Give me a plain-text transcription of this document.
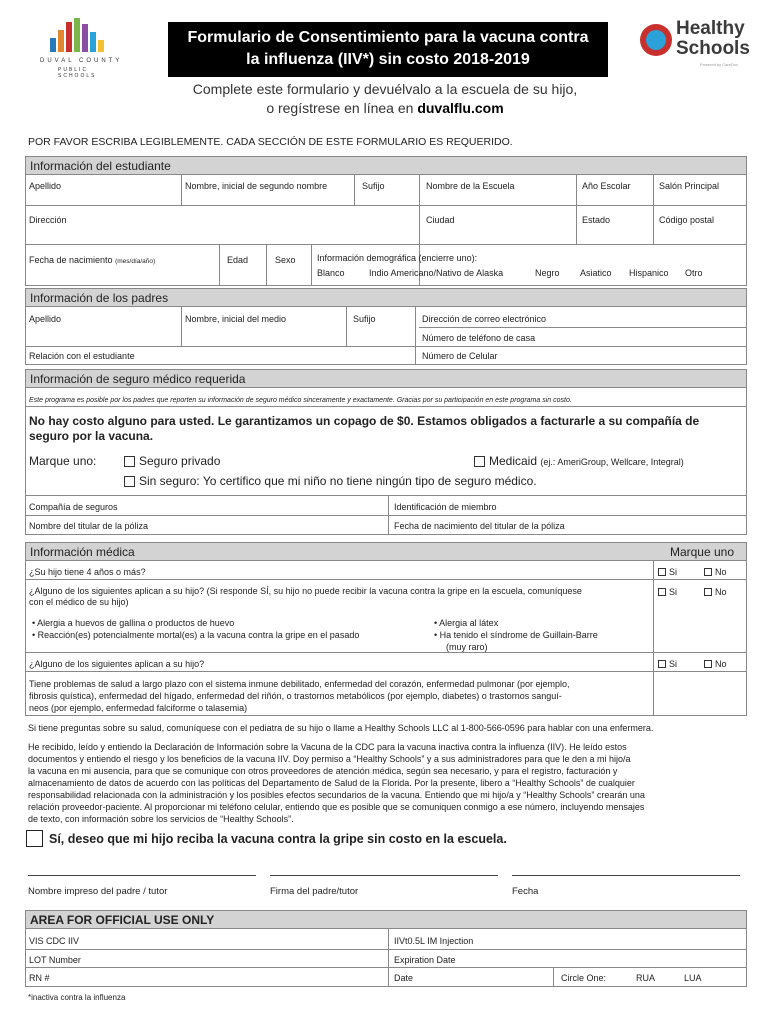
DUVAL COUNTY
PUBLIC SCHOOLS
Formulario de Consentimiento para la vacuna contra
la influenza (IIV*) sin costo 2018-2019
Healthy
Schools
Powered by CareDox
Complete este formulario y devuélvalo a la escuela de su hijo,
o regístrese en línea en duvalflu.com
POR FAVOR ESCRIBA LEGIBLEMENTE. CADA SECCIÓN DE ESTE FORMULARIO ES REQUERIDO.
Información del estudiante
Apellido	Nombre, inicial de segundo nombre	Sufijo	Nombre de la Escuela	Año Escolar	Salón Principal
Dirección	Ciudad	Estado	Código postal
Fecha de nacimiento (mes/día/año)	Edad	Sexo	Información demográfica (encierre uno):
Blanco	Indio Americano/Nativo de Alaska	Negro	Asiatico	Hispanico	Otro
Información de los padres
Apellido	Nombre, inicial del medio	Sufijo	Dirección de correo electrónico
Número de teléfono de casa
Relación con el estudiante	Número de Celular
Información de seguro médico requerida
Este programa es posible por los padres que reporten su información de seguro médico sinceramente y exactamente. Gracias por su participación en este programa sin costo.
No hay costo alguno para usted. Le garantizamos un copago de $0. Estamos obligados a facturarle a su compañía de
seguro por la vacuna.
Marque uno:	Seguro privado	Medicaid (ej.: AmeriGroup, Wellcare, Integral)
Sin seguro: Yo certifico que mi niño no tiene ningún tipo de seguro médico.
Compañía de seguros	Identificación de miembro
Nombre del titular de la póliza	Fecha de nacimiento del titular de la póliza
Información médica	Marque uno
¿Su hijo tiene 4 años o más?	Si	No
¿Alguno de los siguientes aplican a su hijo? (Si responde SÍ, su hijo no puede recibir la vacuna contra la gripe en la escuela, comuníquese
con el médico de su hijo)
Si	No
• Alergia a huevos de gallina o productos de huevo
• Reacción(es) potencialmente mortal(es) a la vacuna contra la gripe en el pasado
• Alergia al látex
• Ha tenido el síndrome de Guillain-Barre
(muy raro)
¿Alguno de los siguientes aplican a su hijo?	Si	No
Tiene problemas de salud a largo plazo con el sistema inmune debilitado, enfermedad del corazón, enfermedad pulmonar (por ejemplo,
fibrosis quística), enfermedad del hígado, enfermedad del riñón, o trastornos metabólicos (por ejemplo, diabetes) o trastornos sanguí-
neos (por ejemplo, enfermedad falciforme o talasemia)
Si tiene preguntas sobre su salud, comuníquese con el pediatra de su hijo o llame a Healthy Schools LLC al 1-800-566-0596 para hablar con una enfermera.
He recibido, leído y entiendo la Declaración de Información sobre la Vacuna de la CDC para la vacuna inactiva contra la influenza (IIV). He leído estos
documentos y entiendo el riesgo y los beneficios de la vacuna IIV. Doy permiso a “Healthy Schools” y a sus administradores para que le den a mi hijo/a
la vacuna en mi ausencia, para que se comunique con otros proveedores de atención médica, según sea necesario, y para el registro, facturación y
almacenamiento de datos de acuerdo con las políticas del Departamento de Salud de la Florida. Por la presente, libero a “Healthy Schools” de cualquier
responsabilidad relacionada con la administración y los posibles efectos secundarios de la vacuna. Entiendo que mi hijo/a y “Healthy Schools” crearán una
relación proveedor-paciente. Al proporcionar mi teléfono celular, entiendo que es posible que se comuniquen conmigo a ese número, incluyendo mensajes
de texto, con información sobre los servicios de “Healthy Schools”.
Sí, deseo que mi hijo reciba la vacuna contra la gripe sin costo en la escuela.
Nombre impreso del padre / tutor	Firma del padre/tutor	Fecha
AREA FOR OFFICIAL USE ONLY
VIS CDC IIV	IIVt0.5L IM Injection
LOT Number	Expiration Date
RN #	Date	Circle One:	RUA	LUA
*inactiva contra la influenza
